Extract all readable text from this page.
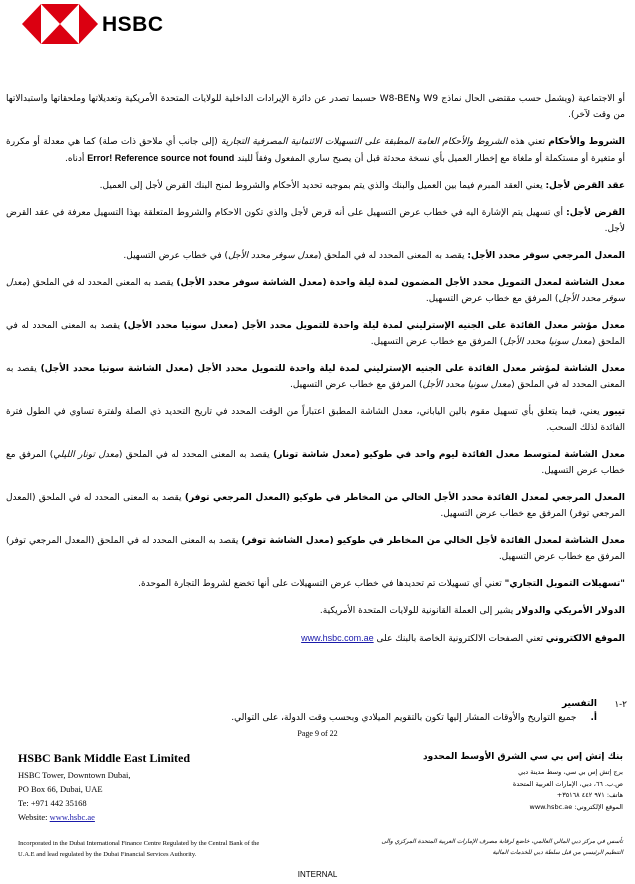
HSBC

أو الاجتماعية (ويشمل حسب مقتضى الحال نماذج W9 وW8-BEN حسبما تصدر عن دائرة الإيرادات الداخلية للولايات المتحدة الأمريكية وتعديلاتها وملحقاتها واستبدالاتها من وقت لآخر).

الشروط والأحكام تعني هذه الشروط والأحكام العامة المطبقة على التسهيلات الائتمانية المصرفية التجارية (إلى جانب أي ملاحق ذات صلة) كما هي معدلة أو مكررة أو متغيرة أو مستكملة أو ملغاة مع إخطار العميل بأي نسخة محدثة قبل أن يصبح ساري المفعول وفقاً للبند Error! Reference source not found أدناه.

عقد القرض لأجل: يعني العقد المبرم فيما بين العميل والبنك والذي يتم بموجبه تحديد الأحكام والشروط لمنح البنك القرض لأجل إلى العميل.

القرض لأجل: أي تسهيل يتم الإشارة اليه في خطاب عرض التسهيل على أنه قرض لأجل والذي تكون الاحكام والشروط المتعلقة بهذا التسهيل معرفة في عقد القرض لأجل.

المعدل المرجعي سوفر محدد الأجل: يقصد به المعنى المحدد له في الملحق (معدل سوفر محدد الأجل) في خطاب عرض التسهيل.

معدل الشاشة لمعدل التمويل محدد الأجل المضمون لمدة ليلة واحدة (معدل الشاشة سوفر محدد الأجل) يقصد به المعنى المحدد له في الملحق (معدل سوفر محدد الأجل) المرفق مع خطاب عرض التسهيل.

معدل مؤشر معدل الفائدة على الجنيه الإسترليني لمدة ليلة واحدة للتمويل محدد الأجل (معدل سونيا محدد الأجل) يقصد به المعنى المحدد له في الملحق (معدل سونيا محدد الأجل) المرفق مع خطاب عرض التسهيل.

معدل الشاشة لمؤشر معدل الفائدة على الجنيه الإسترليني لمدة ليلة واحدة للتمويل محدد الأجل (معدل الشاشة سونيا محدد الأجل) يقصد به المعنى المحدد له في الملحق (معدل سونيا محدد الأجل) المرفق مع خطاب عرض التسهيل.

تيبور يعني، فيما يتعلق بأي تسهيل مقوم بالين الياباني، معدل الشاشة المطبق اعتباراً من الوقت المحدد في تاريخ التحديد ذي الصلة ولفترة تساوي في الطول فترة الفائدة لذلك السحب.

معدل الشاشة لمتوسط معدل الفائدة ليوم واحد في طوكيو (معدل شاشة تونار) يقصد به المعنى المحدد له في الملحق (معدل تونار الليلي) المرفق مع خطاب عرض التسهيل.

المعدل المرجعي لمعدل الفائدة محدد الأجل الخالي من المخاطر في طوكيو (المعدل المرجعي توفر) يقصد به المعنى المحدد له في الملحق (المعدل المرجعي توفر) المرفق مع خطاب عرض التسهيل.

معدل الشاشة لمعدل الفائدة لأجل الخالي من المخاطر في طوكيو (معدل الشاشة توفر) يقصد به المعنى المحدد له في الملحق (المعدل المرجعي توفر) المرفق مع خطاب عرض التسهيل.

"تسهيلات التمويل التجاري" تعني أي تسهيلات تم تحديدها في خطاب عرض التسهيلات على أنها تخضع لشروط التجارة الموحدة.

الدولار الأمريكي والدولار يشير إلى العملة القانونية للولايات المتحدة الأمريكية.

الموقع الالكتروني تعني الصفحات الالكترونية الخاصة بالبنك على www.hsbc.com.ae

٢-١
التفسير
أ.جميع التواريخ والأوقات المشار إليها تكون بالتقويم الميلادي وبحسب وقت الدولة، على التوالي.
Page 9 of 22
HSBC Bank Middle East Limited
HSBC Tower, Downtown Dubai,
PO Box 66, Dubai, UAE
Te: +971 442 35168
Website: www.hsbc.ae
بنك إتش إس بي سي الشرق الأوسط المحدود
برج إتش إس بي سي، وسط مدينة دبي
ص.ب. ٦٦، دبي، الإمارات العربية المتحدة
هاتف: ٩٧١ ٤٤٢ ٣٥١٦٨+
الموقع الإلكتروني: www.hsbc.ae
Incorporated in the Dubai International Finance Centre Regulated by the Central Bank of the
U.A.E and lead regulated by the Dubai Financial Services Authority.
تأسس في مركز دبي المالي العالمي، خاضع لرقابة مصرف الإمارات العربية المتحدة المركزي والى
التنظيم الرئيسي من قبل سلطة دبي للخدمات المالية
INTERNAL
